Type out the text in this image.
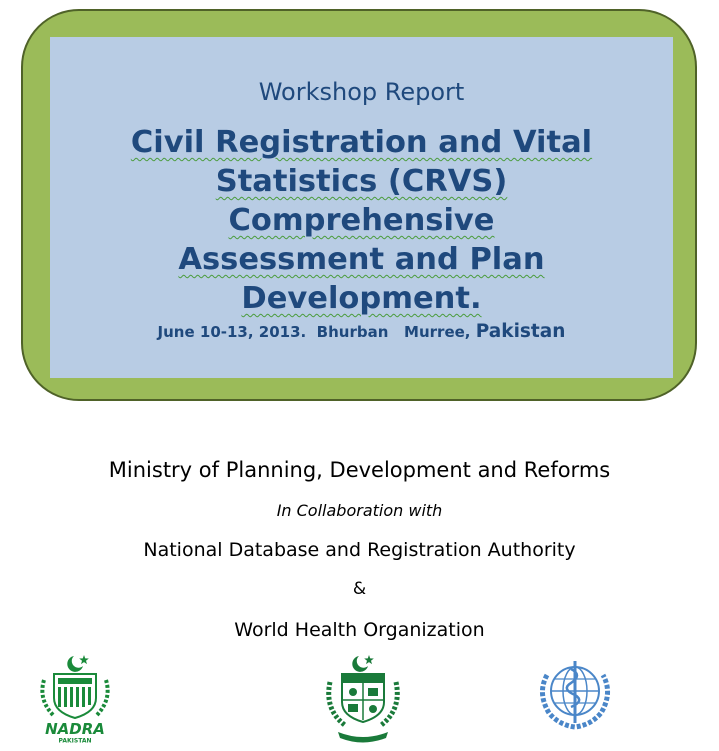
Workshop Report
Civil Registration and Vital
Statistics (CRVS) Comprehensive
Assessment and Plan
Development.
June 10-13, 2013.  Bhurban   Murree, Pakistan
Ministry of Planning, Development and Reforms
In Collaboration with
National Database and Registration Authority
&
World Health Organization
NADRA
PAKISTAN
